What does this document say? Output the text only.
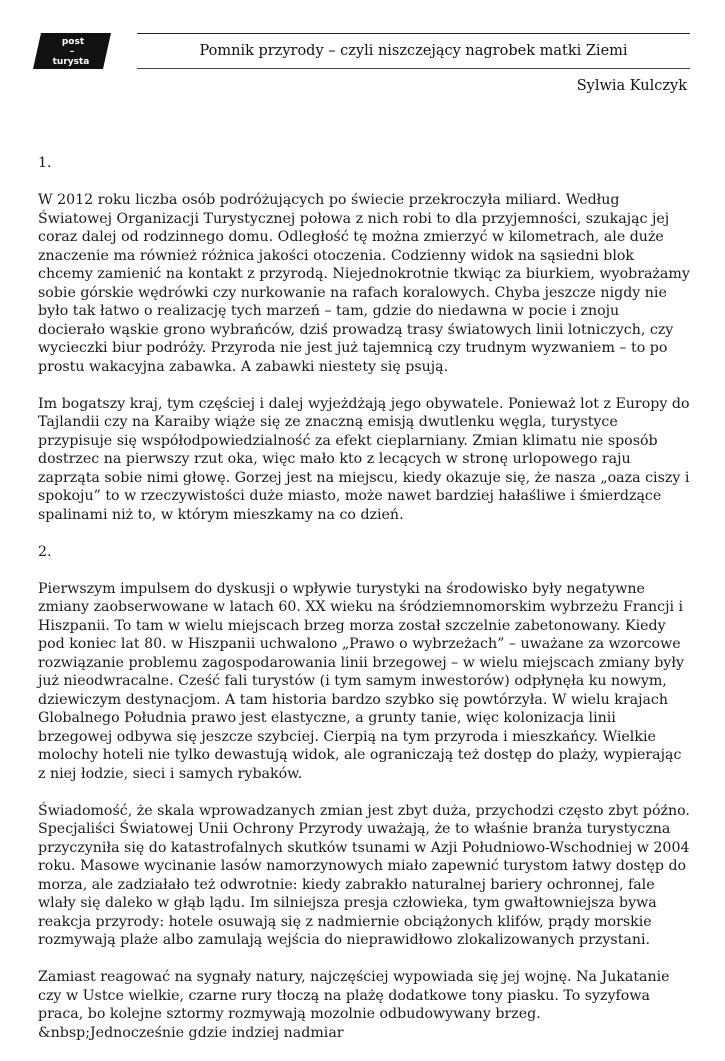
post
–
turysta
Pomnik przyrody – czyli niszczejący nagrobek matki Ziemi
Sylwia Kulczyk

1.

W 2012 roku liczba osób podróżujących po świecie przekroczyła miliard. Według Światowej Organizacji Turystycznej połowa z nich robi to dla przyjemności, szukając jej coraz dalej od rodzinnego domu. Odległość tę można zmierzyć w kilometrach, ale duże znaczenie ma również różnica jakości otoczenia. Codzienny widok na sąsiedni blok chcemy zamienić na kontakt z przyrodą. Niejednokrotnie tkwiąc za biurkiem, wyobrażamy sobie górskie wędrówki czy nurkowanie na rafach koralowych. Chyba jeszcze nigdy nie było tak łatwo o realizację tych marzeń – tam, gdzie do niedawna w pocie i znoju docierało wąskie grono wybrańców, dziś prowadzą trasy światowych linii lotniczych, czy wycieczki biur podróży. Przyroda nie jest już tajemnicą czy trudnym wyzwaniem – to po prostu wakacyjna zabawka. A zabawki niestety się psują.

Im bogatszy kraj, tym częściej i dalej wyjeżdżają jego obywatele. Ponieważ lot z Europy do Tajlandii czy na Karaiby wiąże się ze znaczną emisją dwutlenku węgla, turystyce przypisuje się współodpowiedzialność za efekt cieplarniany. Zmian klimatu nie sposób dostrzec na pierwszy rzut oka, więc mało kto z lecących w stronę urlopowego raju zaprząta sobie nimi głowę. Gorzej jest na miejscu, kiedy okazuje się, że nasza „oaza ciszy i spokoju” to w rzeczywistości duże miasto, może nawet bardziej hałaśliwe i śmierdzące spalinami niż to, w którym mieszkamy na co dzień.

2.

Pierwszym impulsem do dyskusji o wpływie turystyki na środowisko były negatywne zmiany zaobserwowane w latach 60. XX wieku na śródziemnomorskim wybrzeżu Francji i Hiszpanii. To tam w wielu miejscach brzeg morza został szczelnie zabetonowany. Kiedy pod koniec lat 80. w Hiszpanii uchwalono „Prawo o wybrzeżach” – uważane za wzorcowe rozwiązanie problemu zagospodarowania linii brzegowej – w wielu miejscach zmiany były już nieodwracalne. Cześć fali turystów (i tym samym inwestorów) odpłynęła ku nowym, dziewiczym destynacjom. A tam historia bardzo szybko się powtórzyła. W wielu krajach Globalnego Południa prawo jest elastyczne, a grunty tanie, więc kolonizacja linii brzegowej odbywa się jeszcze szybciej. Cierpią na tym przyroda i mieszkańcy. Wielkie molochy hoteli nie tylko dewastują widok, ale ograniczają też dostęp do plaży, wypierając z niej łodzie, sieci i samych rybaków.

Świadomość, że skala wprowadzanych zmian jest zbyt duża, przychodzi często zbyt późno. Specjaliści Światowej Unii Ochrony Przyrody uważają, że to właśnie branża turystyczna przyczyniła się do katastrofalnych skutków tsunami w Azji Południowo-Wschodniej w 2004 roku. Masowe wycinanie lasów namorzynowych miało zapewnić turystom łatwy dostęp do morza, ale zadziałało też odwrotnie: kiedy zabrakło naturalnej bariery ochronnej, fale wlały się daleko w głąb lądu. Im silniejsza presja człowieka, tym gwałtowniejsza bywa reakcja przyrody: hotele osuwają się z nadmiernie obciążonych klifów, prądy morskie rozmywają plaże albo zamulają wejścia do nieprawidłowo zlokalizowanych przystani.

Zamiast reagować na sygnały natury, najczęściej wypowiada się jej wojnę. Na Jukatanie czy w Ustce wielkie, czarne rury tłoczą na plażę dodatkowe tony piasku. To syzyfowa praca, bo kolejne sztormy rozmywają mozolnie odbudowywany brzeg. &nbsp;Jednocześnie gdzie indziej nadmiar
